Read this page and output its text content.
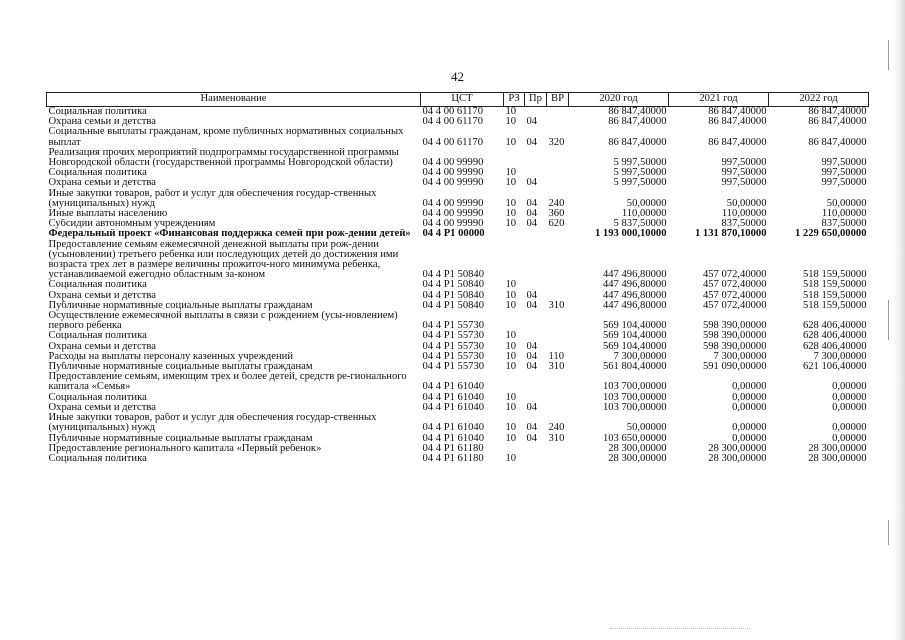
42
Наименование	ЦСТ	РЗ	Пр	ВР	2020 год	2021 год	2022 год
Социальная политика	04 4 00 61170	10			86 847,40000	86 847,40000	86 847,40000
Охрана семьи и детства	04 4 00 61170	10	04		86 847,40000	86 847,40000	86 847,40000
Социальные выплаты гражданам, кроме публичных нормативных социальных выплат	04 4 00 61170	10	04	320	86 847,40000	86 847,40000	86 847,40000
Реализация прочих мероприятий подпрограммы государственной программы Новгородской области (государственной программы Новгородской области)	04 4 00 99990				5 997,50000	997,50000	997,50000
Социальная политика	04 4 00 99990	10			5 997,50000	997,50000	997,50000
Охрана семьи и детства	04 4 00 99990	10	04		5 997,50000	997,50000	997,50000
Иные закупки товаров, работ и услуг для обеспечения государ-ственных (муниципальных) нужд	04 4 00 99990	10	04	240	50,00000	50,00000	50,00000
Иные выплаты населению	04 4 00 99990	10	04	360	110,00000	110,00000	110,00000
Субсидии автономным учреждениям	04 4 00 99990	10	04	620	5 837,50000	837,50000	837,50000
Федеральный проект «Финансовая поддержка семей при рож-дении детей»	04 4 P1 00000				1 193 000,10000	1 131 870,10000	1 229 650,00000
Предоставление семьям ежемесячной денежной выплаты при рож-дении (усыновлении) третьего ребенка или последующих детей до достижения ими возраста трех лет в размере величины прожиточ-ного минимума ребенка, устанавливаемой ежегодно областным за-коном	04 4 P1 50840				447 496,80000	457 072,40000	518 159,50000
Социальная политика	04 4 P1 50840	10			447 496,80000	457 072,40000	518 159,50000
Охрана семьи и детства	04 4 P1 50840	10	04		447 496,80000	457 072,40000	518 159,50000
Публичные нормативные социальные выплаты гражданам	04 4 P1 50840	10	04	310	447 496,80000	457 072,40000	518 159,50000
Осуществление ежемесячной выплаты в связи с рождением (усы-новлением) первого ребенка	04 4 P1 55730				569 104,40000	598 390,00000	628 406,40000
Социальная политика	04 4 P1 55730	10			569 104,40000	598 390,00000	628 406,40000
Охрана семьи и детства	04 4 P1 55730	10	04		569 104,40000	598 390,00000	628 406,40000
Расходы на выплаты персоналу казенных учреждений	04 4 P1 55730	10	04	110	7 300,00000	7 300,00000	7 300,00000
Публичные нормативные социальные выплаты гражданам	04 4 P1 55730	10	04	310	561 804,40000	591 090,00000	621 106,40000
Предоставление семьям, имеющим трех и более детей, средств ре-гионального капитала «Семья»	04 4 P1 61040				103 700,00000	0,00000	0,00000
Социальная политика	04 4 P1 61040	10			103 700,00000	0,00000	0,00000
Охрана семьи и детства	04 4 P1 61040	10	04		103 700,00000	0,00000	0,00000
Иные закупки товаров, работ и услуг для обеспечения государ-ственных (муниципальных) нужд	04 4 P1 61040	10	04	240	50,00000	0,00000	0,00000
Публичные нормативные социальные выплаты гражданам	04 4 P1 61040	10	04	310	103 650,00000	0,00000	0,00000
Предоставление регионального капитала «Первый ребенок»	04 4 P1 61180				28 300,00000	28 300,00000	28 300,00000
Социальная политика	04 4 P1 61180	10			28 300,00000	28 300,00000	28 300,00000
